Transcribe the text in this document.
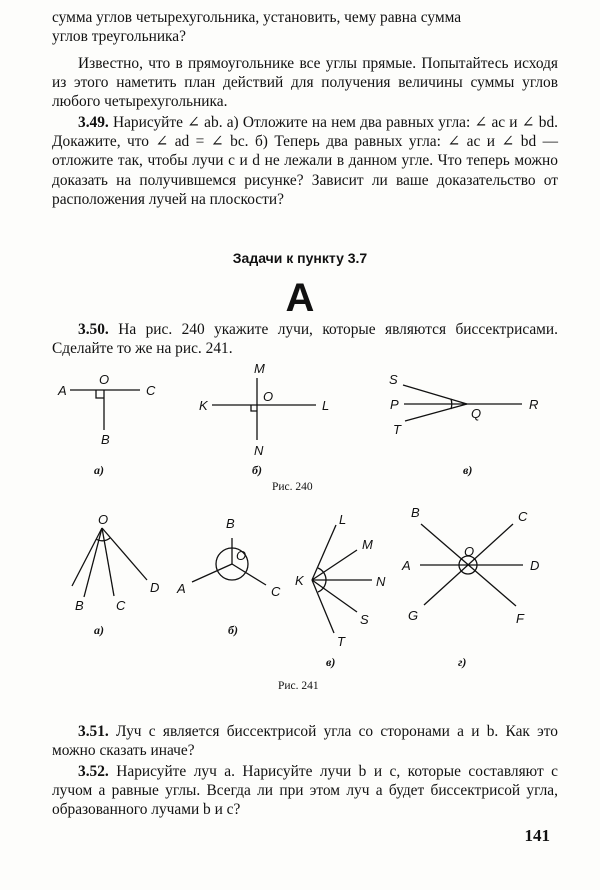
сумма углов четырехугольника, установить, чему равна сумма
углов треугольника?
Известно, что в прямоугольнике все углы прямые. Попытайтесь исходя из этого наметить план действий для получения величины суммы углов любого четырехугольника.
3.49. Нарисуйте ∠ ab. а) Отложите на нем два равных угла: ∠ ac и ∠ bd. Докажите, что ∠ ad = ∠ bc. б) Теперь два равных угла: ∠ ac и ∠ bd — отложите так, чтобы лучи c и d не лежали в данном угле. Что теперь можно доказать на получившемся рисунке? Зависит ли ваше доказательство от расположения лучей на плоскости?
Задачи к пункту 3.7
А
3.50. На рис. 240 укажите лучи, которые являются биссектрисами. Сделайте то же на рис. 241.
A
O
C
B
а)
M
K
O
L
N
б)
S
P
Q
R
T
в)
Рис. 240
O
B C
D
а)
B
O
A	C
б)
L
M
K	N
S
T
в)
B	C
A
O
D
G	F
г)
Рис. 241
3.51. Луч c является биссектрисой угла со сторонами a и b. Как это можно сказать иначе?
3.52. Нарисуйте луч a. Нарисуйте лучи b и c, которые составляют с лучом a равные углы. Всегда ли при этом луч a будет биссектрисой угла, образованного лучами b и c?
141
